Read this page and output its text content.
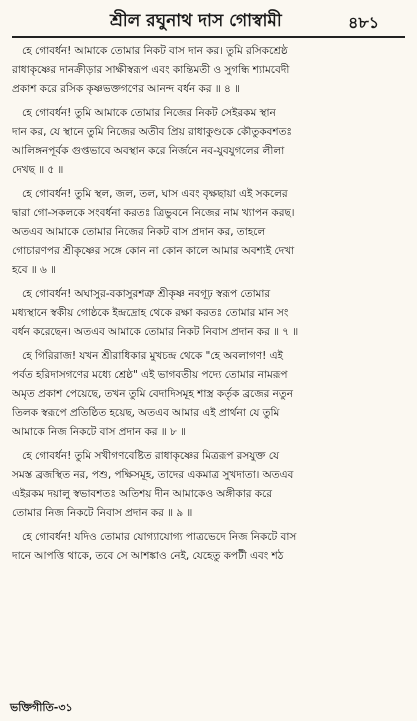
শ্রীল রঘুনাথ দাস গোস্বামী	৪৮১
হে গোবর্ধন! আমাকে তোমার নিকট বাস দান কর। তুমি রসিকশ্রেষ্ঠ
রাধাকৃষ্ণের দানক্রীড়ার সাক্ষীস্বরূপ এবং কান্তিমতী ও সুগন্ধি শ্যামবেদী
প্রকাশ করে রসিক কৃষ্ণভক্তগণের আনন্দ বর্ধন কর ॥ ৪ ॥
হে গোবর্ধন! তুমি আমাকে তোমার নিজের নিকট সেইরকম স্থান
দান কর, যে স্থানে তুমি নিজের অতীব প্রিয় রাধাকুণ্ডকে কৌতুকবশতঃ
আলিঙ্গনপূর্বক গুপ্তভাবে অবস্থান করে নির্জনে নব-যুবযুগলের লীলা
দেখছ ॥ ৫ ॥
হে গোবর্ধন! তুমি স্থল, জল, তল, ঘাস এবং বৃক্ষছায়া এই সকলের
দ্বারা গো-সকলকে সংবর্ধনা করতঃ ত্রিভুবনে নিজের নাম খ্যাপন করছ।
অতএব আমাকে তোমার নিজের নিকট বাস প্রদান কর, তাহলে
গোচারণপর শ্রীকৃষ্ণের সঙ্গে কোন না কোন কালে আমার অবশ্যই দেখা
হবে ॥ ৬ ॥
হে গোবর্ধন! অঘাসুর-বকাসুরশত্রু শ্রীকৃষ্ণ নবগূঢ় স্বরূপ তোমার
মধ্যস্থানে স্বকীয় গোষ্ঠকে ইন্দ্রদ্রোহ থেকে রক্ষা করতঃ তোমার মান সং
বর্ধন করেছেন। অতএব আমাকে তোমার নিকট নিবাস প্রদান কর ॥ ৭ ॥
হে গিরিরাজ! যখন শ্রীরাধিকার মুখচন্দ্র থেকে "হে অবলাগণ! এই
পর্বত হরিদাসগণের মধ্যে শ্রেষ্ঠ" এই ভাগবতীয় পদ্যে তোমার নামরূপ
অমৃত প্রকাশ পেয়েছে, তখন তুমি বেদাদিসমূহ শাস্ত্র কর্তৃক ব্রজের নতুন
তিলক স্বরূপে প্রতিষ্ঠিত হয়েছ, অতএব আমার এই প্রার্থনা যে তুমি
আমাকে নিজ নিকটে বাস প্রদান কর ॥ ৮ ॥
হে গোবর্ধন! তুমি সখীগণবেষ্টিত রাধাকৃষ্ণের মিত্ররূপ রসযুক্ত যে
সমস্ত ব্রজস্থিত নর, পশু, পক্ষিসমূহ, তাদের একমাত্র সুখদাতা। অতএব
এইরকম দয়ালু স্বভাবশতঃ অতিশয় দীন আমাকেও অঙ্গীকার করে
তোমার নিজ নিকটে নিবাস প্রদান কর ॥ ৯ ॥
হে গোবর্ধন! যদিও তোমার যোগ্যাযোগ্য পাত্রভেদে নিজ নিকটে বাস
দানে আপত্তি থাকে, তবে সে আশঙ্কাও নেই, যেহেতু কপটী এবং শঠ
ভক্তিগীতি-৩১
